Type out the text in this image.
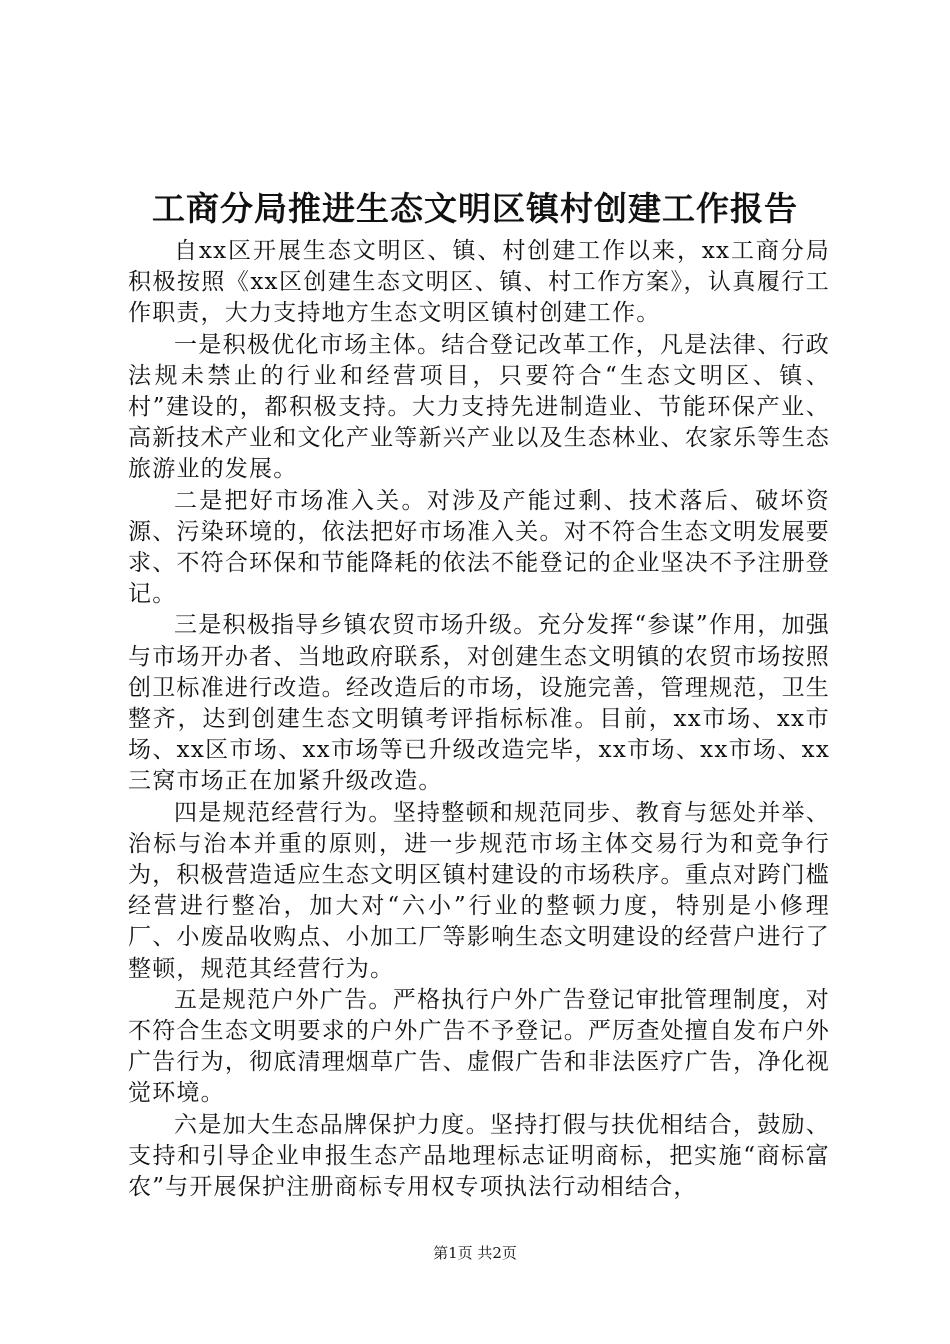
工商分局推进生态文明区镇村创建工作报告

自xx区开展生态文明区、镇、村创建工作以来，xx工商分局积极按照《xx区创建生态文明区、镇、村工作方案》，认真履行工作职责，大力支持地方生态文明区镇村创建工作。

一是积极优化市场主体。结合登记改革工作，凡是法律、行政法规未禁止的行业和经营项目，只要符合“生态文明区、镇、村”建设的，都积极支持。大力支持先进制造业、节能环保产业、高新技术产业和文化产业等新兴产业以及生态林业、农家乐等生态旅游业的发展。

二是把好市场准入关。对涉及产能过剩、技术落后、破坏资源、污染环境的，依法把好市场准入关。对不符合生态文明发展要求、不符合环保和节能降耗的依法不能登记的企业坚决不予注册登记。

三是积极指导乡镇农贸市场升级。充分发挥“参谋”作用，加强与市场开办者、当地政府联系，对创建生态文明镇的农贸市场按照创卫标准进行改造。经改造后的市场，设施完善，管理规范，卫生整齐，达到创建生态文明镇考评指标标准。目前，xx市场、xx市场、xx区市场、xx市场等已升级改造完毕，xx市场、xx市场、xx三窝市场正在加紧升级改造。

四是规范经营行为。坚持整顿和规范同步、教育与惩处并举、治标与治本并重的原则，进一步规范市场主体交易行为和竞争行为，积极营造适应生态文明区镇村建设的市场秩序。重点对跨门槛经营进行整冶，加大对“六小”行业的整顿力度，特别是小修理厂、小废品收购点、小加工厂等影响生态文明建设的经营户进行了整顿，规范其经营行为。

五是规范户外广告。严格执行户外广告登记审批管理制度，对不符合生态文明要求的户外广告不予登记。严厉查处擅自发布户外广告行为，彻底清理烟草广告、虚假广告和非法医疗广告，净化视觉环境。

六是加大生态品牌保护力度。坚持打假与扶优相结合，鼓励、支持和引导企业申报生态产品地理标志证明商标，把实施“商标富农”与开展保护注册商标专用权专项执法行动相结合，

第1页 共2页
